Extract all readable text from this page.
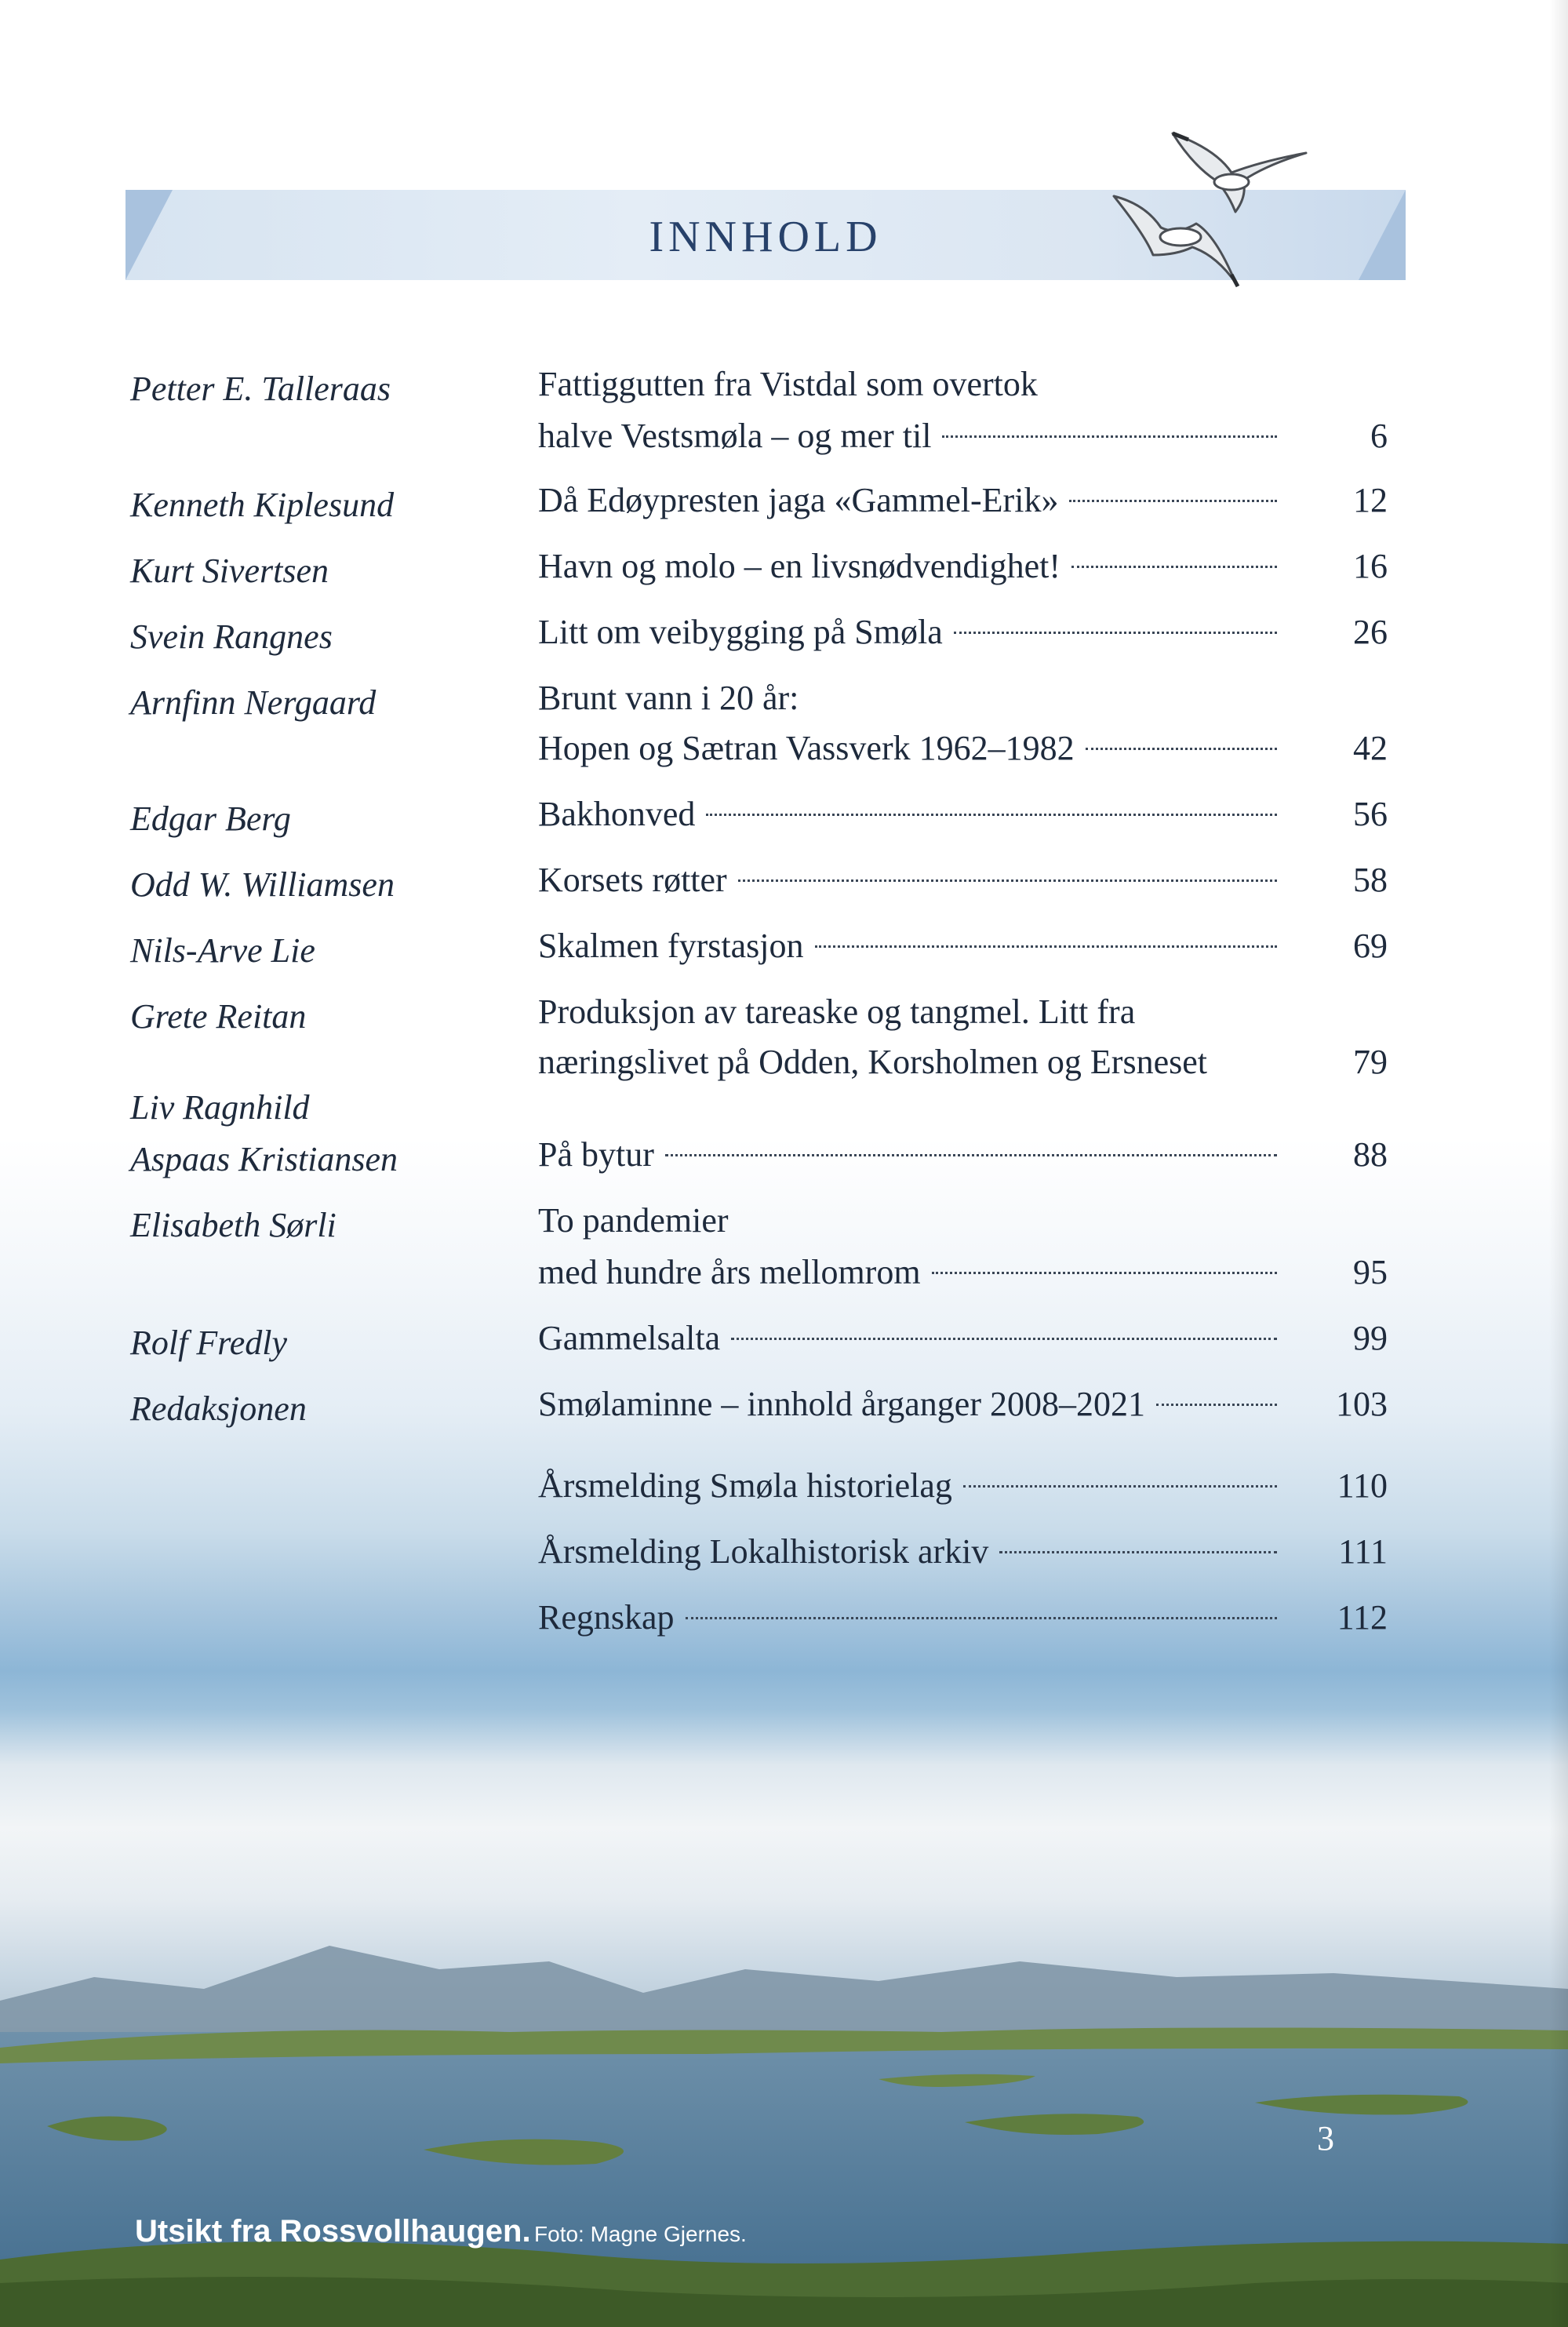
INNHOLD
Petter E. Talleraas	Fattiggutten fra Vistdal som overtok
halve Vestsmøla – og mer til	6
Kenneth Kiplesund	Då Edøypresten jaga «Gammel-Erik»	12
Kurt Sivertsen	Havn og molo – en livsnødvendighet!	16
Svein Rangnes	Litt om veibygging på Smøla	26
Arnfinn Nergaard	Brunt vann i 20 år:
Hopen og Sætran Vassverk 1962–1982	42
Edgar Berg	Bakhonved	56
Odd W. Williamsen	Korsets røtter	58
Nils-Arve Lie	Skalmen fyrstasjon	69
Grete Reitan	Produksjon av tareaske og tangmel. Litt fra
næringslivet på Odden, Korsholmen og Ersneset	79
Liv Ragnhild
Aspaas Kristiansen	På bytur	88
Elisabeth Sørli	To pandemier
med hundre års mellomrom	95
Rolf Fredly	Gammelsalta	99
Redaksjonen	Smølaminne – innhold årganger 2008–2021	103
Årsmelding Smøla historielag	110
Årsmelding Lokalhistorisk arkiv	111
Regnskap	112
3
Utsikt fra Rossvollhaugen. Foto: Magne Gjernes.
